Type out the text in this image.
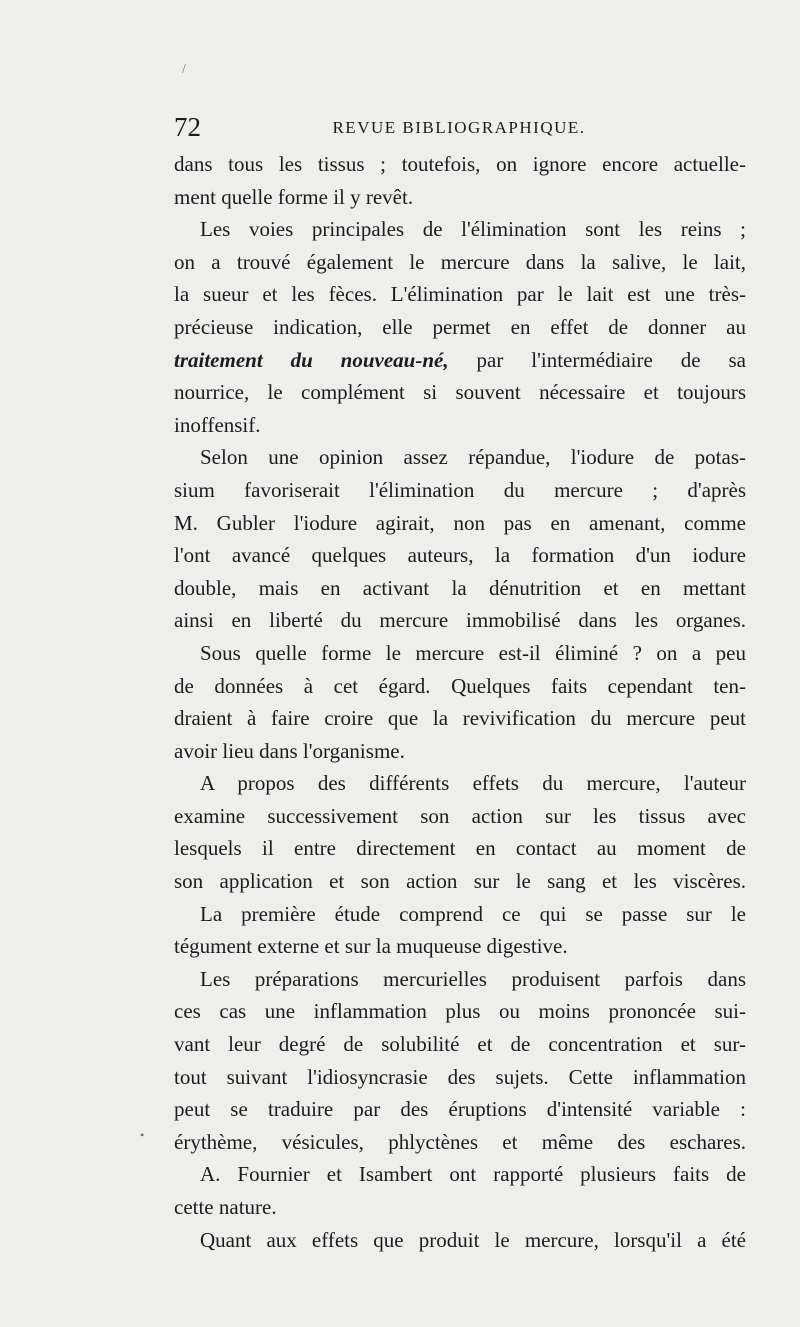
/
72	REVUE BIBLIOGRAPHIQUE.
dans tous les tissus ; toutefois, on ignore encore actuelle-
ment quelle forme il y revêt.
Les voies principales de l'élimination sont les reins ;
on a trouvé également le mercure dans la salive, le lait,
la sueur et les fèces. L'élimination par le lait est une très-
précieuse indication, elle permet en effet de donner au
traitement du nouveau-né, par l'intermédiaire de sa
nourrice, le complément si souvent nécessaire et toujours
inoffensif.
Selon une opinion assez répandue, l'iodure de potas-
sium favoriserait l'élimination du mercure ; d'après
M. Gubler l'iodure agirait, non pas en amenant, comme
l'ont avancé quelques auteurs, la formation d'un iodure
double, mais en activant la dénutrition et en mettant
ainsi en liberté du mercure immobilisé dans les organes.
Sous quelle forme le mercure est-il éliminé ? on a peu
de données à cet égard. Quelques faits cependant ten-
draient à faire croire que la revivification du mercure peut
avoir lieu dans l'organisme.
A propos des différents effets du mercure, l'auteur
examine successivement son action sur les tissus avec
lesquels il entre directement en contact au moment de
son application et son action sur le sang et les viscères.
La première étude comprend ce qui se passe sur le
tégument externe et sur la muqueuse digestive.
Les préparations mercurielles produisent parfois dans
ces cas une inflammation plus ou moins prononcée sui-
vant leur degré de solubilité et de concentration et sur-
tout suivant l'idiosyncrasie des sujets. Cette inflammation
peut se traduire par des éruptions d'intensité variable :
érythème, vésicules, phlyctènes et même des eschares.
A. Fournier et Isambert ont rapporté plusieurs faits de
cette nature.
Quant aux effets que produit le mercure, lorsqu'il a été
•
